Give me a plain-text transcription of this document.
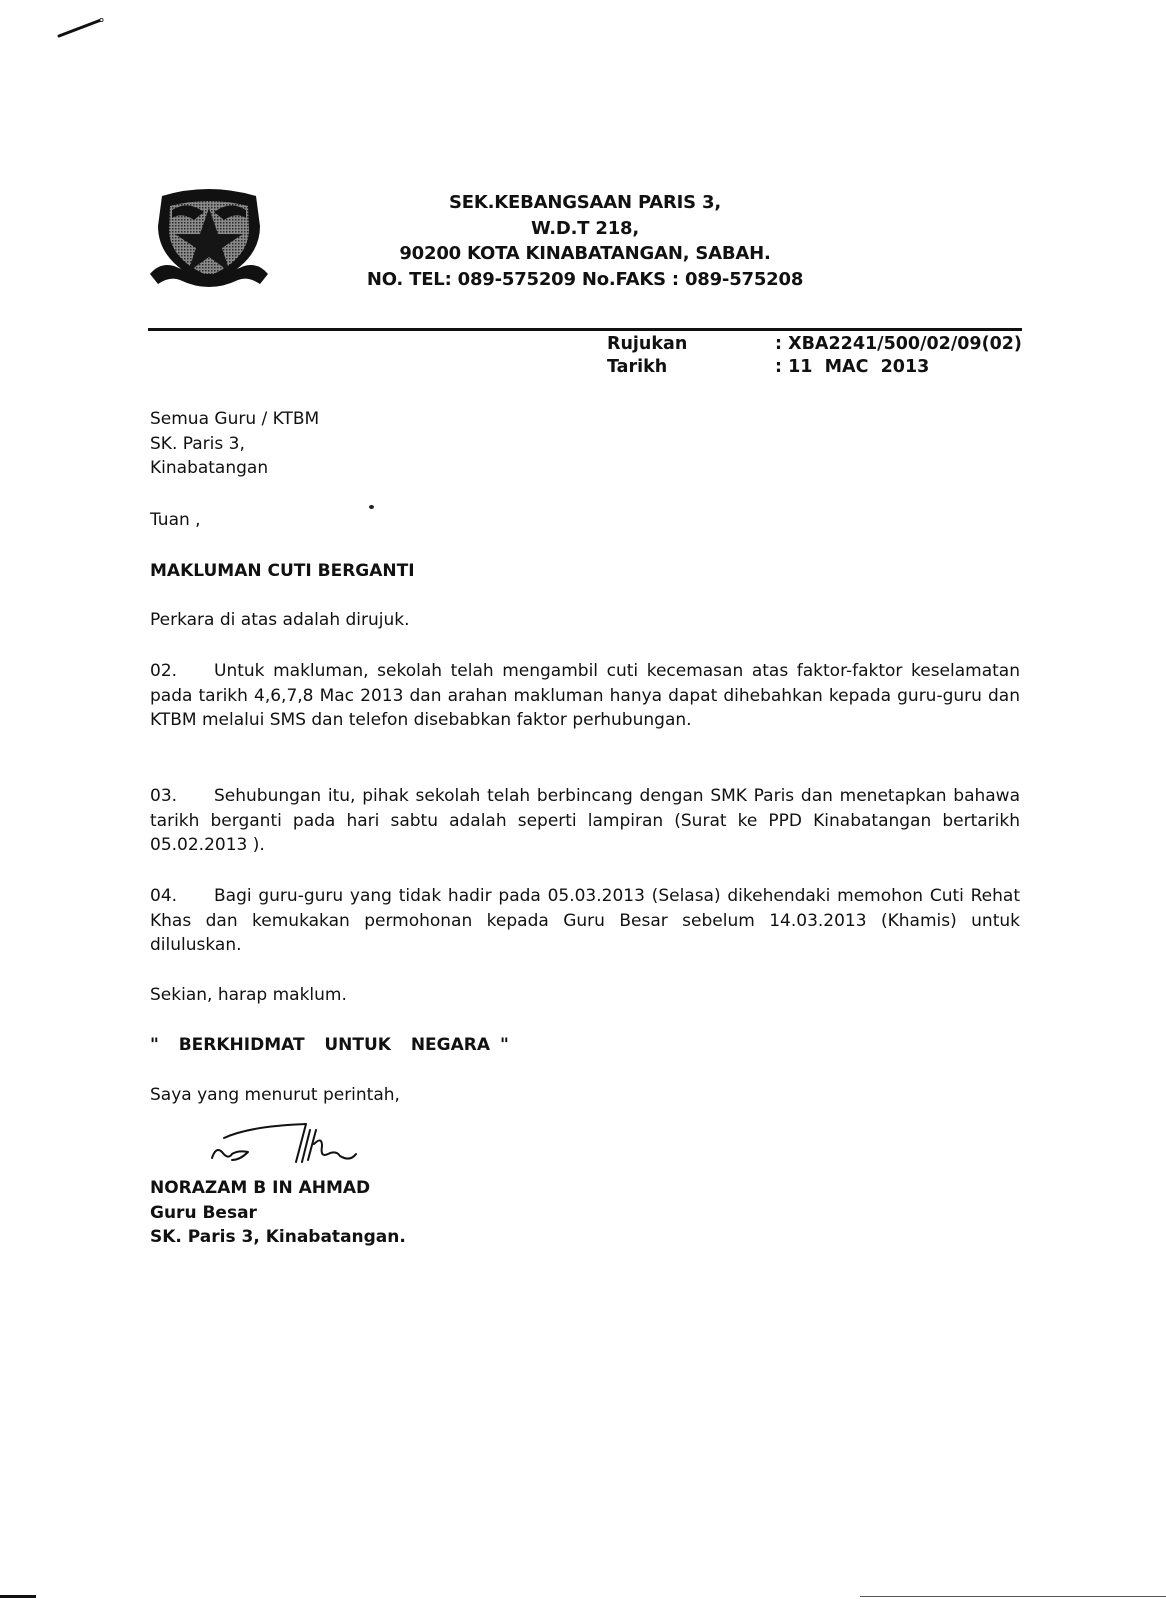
SEK.KEBANGSAAN PARIS 3,
W.D.T 218,
90200 KOTA KINABATANGAN, SABAH.
NO. TEL: 089-575209 No.FAKS : 089-575208
Rujukan
Tarikh
: XBA2241/500/02/09(02)
: 11  MAC  2013
Semua Guru / KTBM
SK. Paris 3,
Kinabatangan
Tuan ,
MAKLUMAN CUTI BERGANTI
Perkara di atas adalah dirujuk.
02. Untuk makluman, sekolah telah mengambil cuti kecemasan atas faktor-faktor keselamatan pada tarikh 4,6,7,8 Mac 2013 dan arahan makluman hanya dapat dihebahkan kepada guru-guru dan KTBM melalui SMS dan telefon disebabkan faktor perhubungan.
03. Sehubungan itu, pihak sekolah telah berbincang dengan SMK Paris dan menetapkan bahawa tarikh berganti pada hari sabtu adalah seperti lampiran (Surat ke PPD Kinabatangan bertarikh 05.02.2013 ).
04. Bagi guru-guru yang tidak hadir pada 05.03.2013 (Selasa) dikehendaki memohon Cuti Rehat Khas dan kemukakan permohonan kepada Guru Besar sebelum 14.03.2013 (Khamis) untuk diluluskan.
Sekian, harap maklum.
"  BERKHIDMAT  UNTUK  NEGARA "
Saya yang menurut perintah,
NORAZAM B IN AHMAD
Guru Besar
SK. Paris 3, Kinabatangan.
